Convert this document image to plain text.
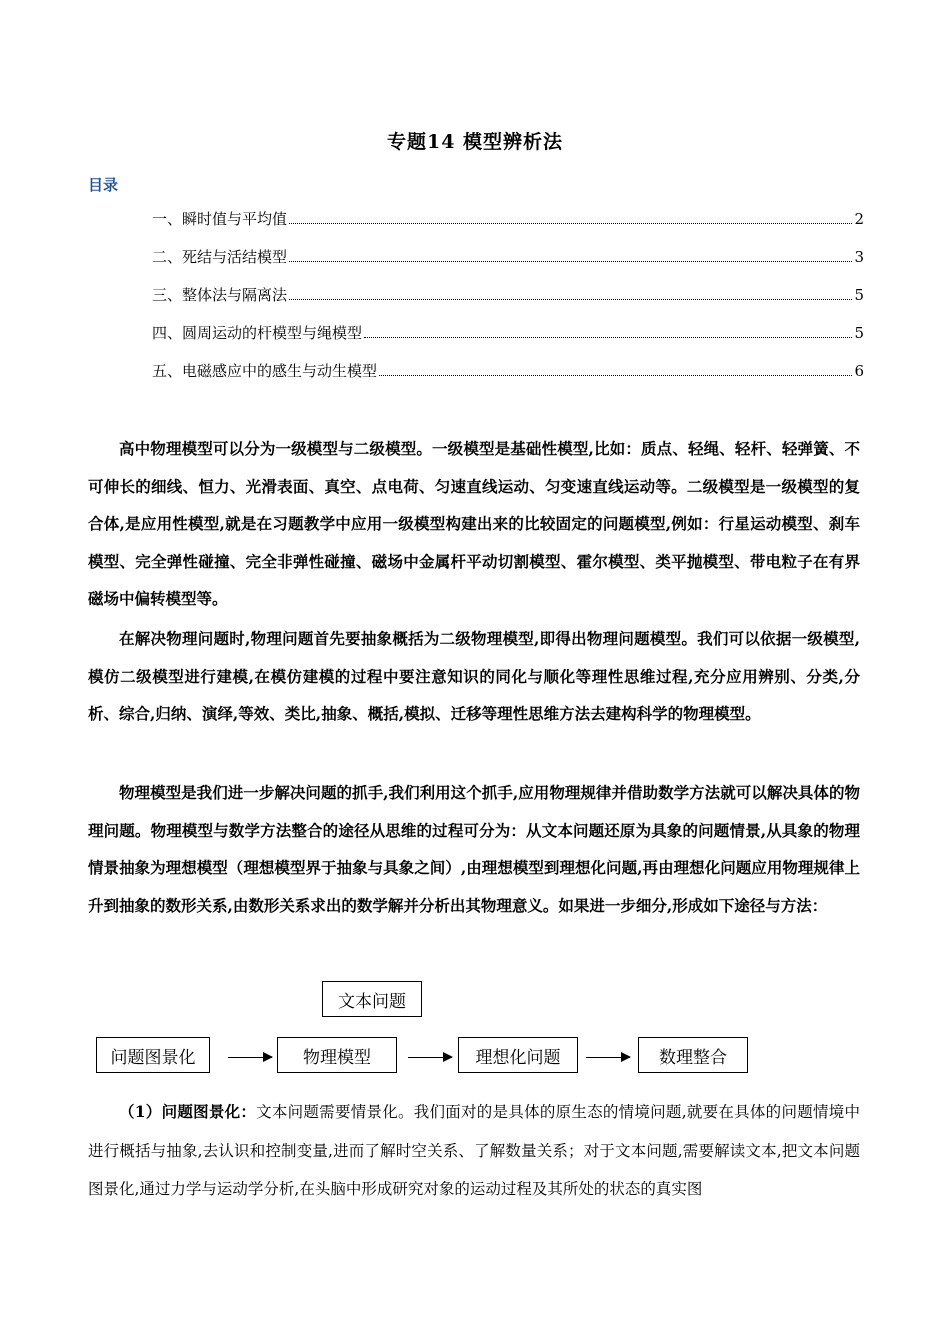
专题14 模型辨析法
目录
一、瞬时值与平均值	2
二、死结与活结模型	3
三、整体法与隔离法	5
四、圆周运动的杆模型与绳模型	5
五、电磁感应中的感生与动生模型	6

高中物理模型可以分为一级模型与二级模型。一级模型是基础性模型,比如：质点、轻绳、轻杆、轻弹簧、不可伸长的细线、恒力、光滑表面、真空、点电荷、匀速直线运动、匀变速直线运动等。二级模型是一级模型的复合体,是应用性模型,就是在习题教学中应用一级模型构建出来的比较固定的问题模型,例如：行星运动模型、刹车模型、完全弹性碰撞、完全非弹性碰撞、磁场中金属杆平动切割模型、霍尔模型、类平抛模型、带电粒子在有界磁场中偏转模型等。

在解决物理问题时,物理问题首先要抽象概括为二级物理模型,即得出物理问题模型。我们可以依据一级模型,模仿二级模型进行建模,在模仿建模的过程中要注意知识的同化与顺化等理性思维过程,充分应用辨别、分类,分析、综合,归纳、演绎,等效、类比,抽象、概括,模拟、迁移等理性思维方法去建构科学的物理模型。

物理模型是我们进一步解决问题的抓手,我们利用这个抓手,应用物理规律并借助数学方法就可以解决具体的物理问题。物理模型与数学方法整合的途径从思维的过程可分为：从文本问题还原为具象的问题情景,从具象的物理情景抽象为理想模型（理想模型界于抽象与具象之间）,由理想模型到理想化问题,再由理想化问题应用物理规律上升到抽象的数形关系,由数形关系求出的数学解并分析出其物理意义。如果进一步细分,形成如下途径与方法：

文本问题
问题图景化	物理模型	理想化问题	数理整合

（1）问题图景化：文本问题需要情景化。我们面对的是具体的原生态的情境问题,就要在具体的问题情境中进行概括与抽象,去认识和控制变量,进而了解时空关系、了解数量关系；对于文本问题,需要解读文本,把文本问题图景化,通过力学与运动学分析,在头脑中形成研究对象的运动过程及其所处的状态的真实图
